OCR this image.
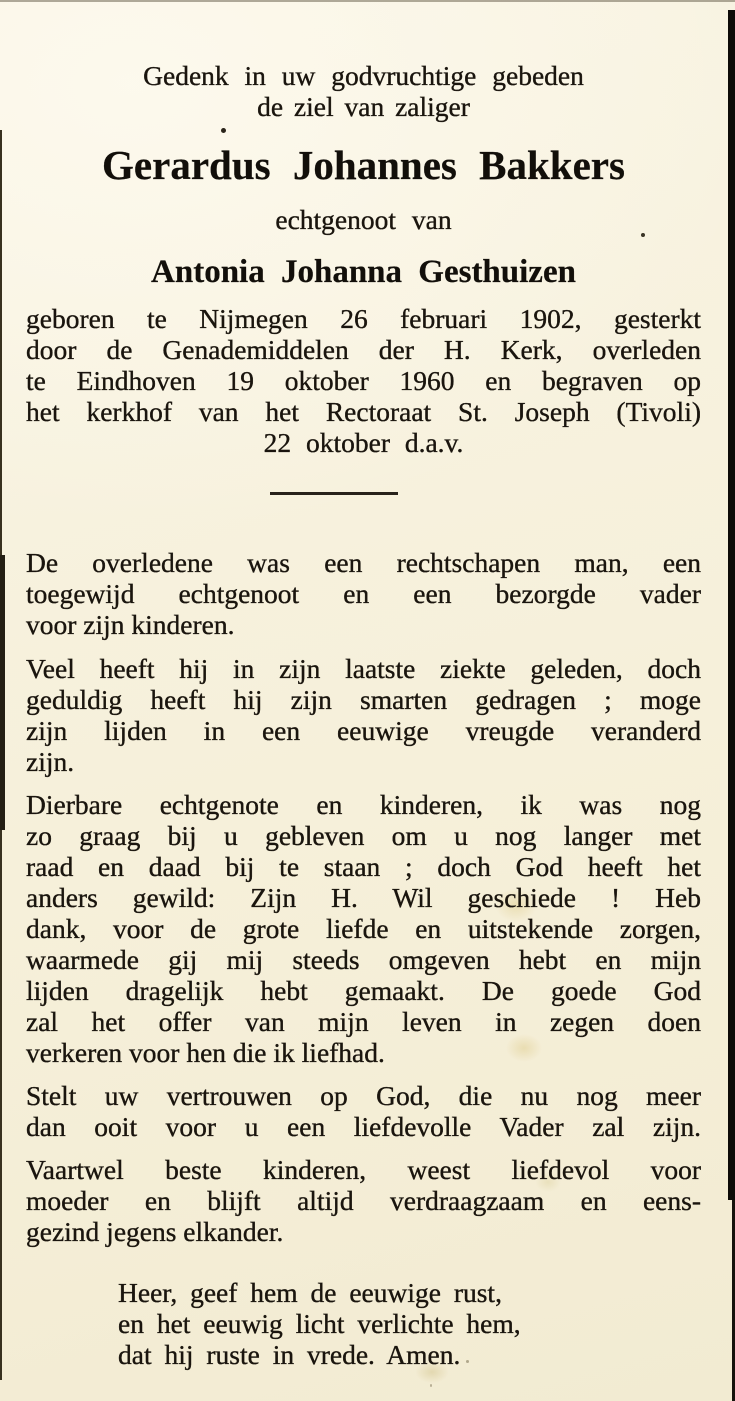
Gedenk in uw godvruchtige gebeden
de ziel van zaliger
Gerardus Johannes Bakkers
echtgenoot van
Antonia Johanna Gesthuizen
geboren te Nijmegen 26 februari 1902, gesterkt
door de Genademiddelen der H. Kerk, overleden
te Eindhoven 19 oktober 1960 en begraven op
het kerkhof van het Rectoraat St. Joseph (Tivoli)
22 oktober d.a.v.
De overledene was een rechtschapen man, een
toegewijd echtgenoot en een bezorgde vader
voor zijn kinderen.
Veel heeft hij in zijn laatste ziekte geleden, doch
geduldig heeft hij zijn smarten gedragen ; moge
zijn lijden in een eeuwige vreugde veranderd
zijn.
Dierbare echtgenote en kinderen, ik was nog
zo graag bij u gebleven om u nog langer met
raad en daad bij te staan ; doch God heeft het
anders gewild: Zijn H. Wil geschiede ! Heb
dank, voor de grote liefde en uitstekende zorgen,
waarmede gij mij steeds omgeven hebt en mijn
lijden dragelijk hebt gemaakt. De goede God
zal het offer van mijn leven in zegen doen
verkeren voor hen die ik liefhad.
Stelt uw vertrouwen op God, die nu nog meer
dan ooit voor u een liefdevolle Vader zal zijn.
Vaartwel beste kinderen, weest liefdevol voor
moeder en blijft altijd verdraagzaam en eens-
gezind jegens elkander.
Heer, geef hem de eeuwige rust,
en het eeuwig licht verlichte hem,
dat hij ruste in vrede. Amen.
